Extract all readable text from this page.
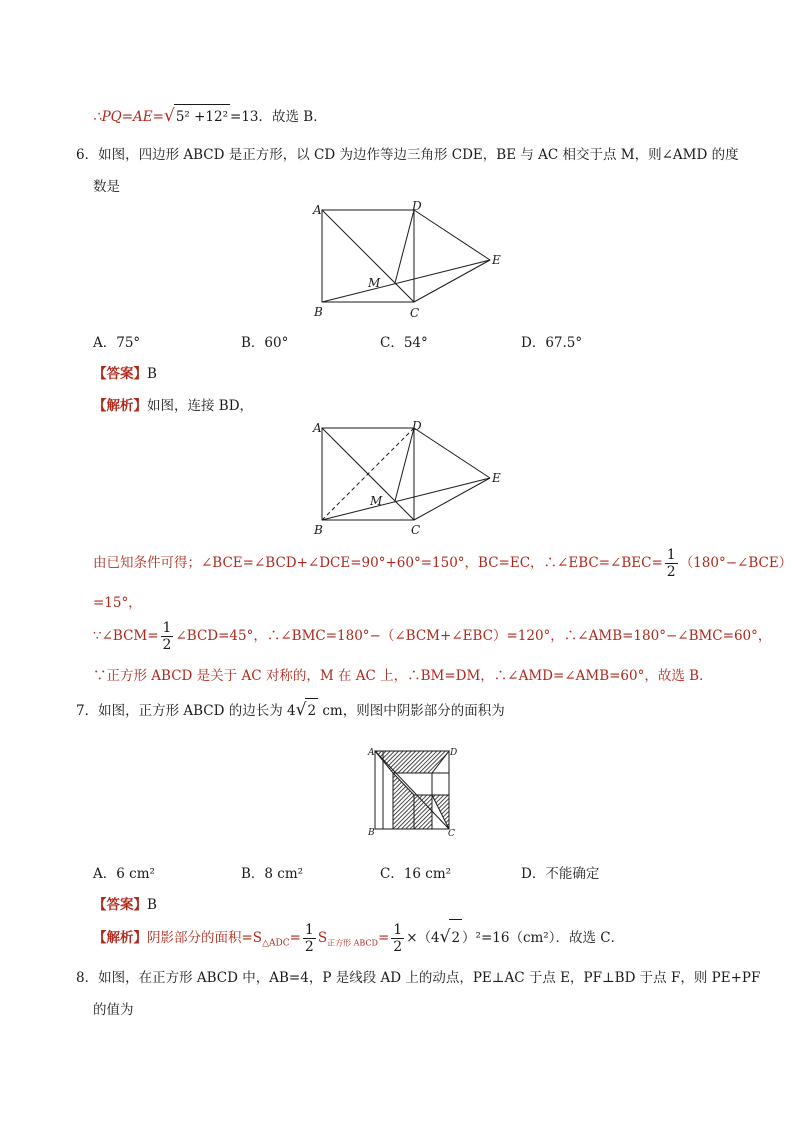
∴PQ=AE=√5² +12² =13．故选 B．
6．如图，四边形 ABCD 是正方形，以 CD 为边作等边三角形 CDE，BE 与 AC 相交于点 M，则∠AMD 的度
数是
A	D
E
B	C
M
A．75°	B．60°	C．54°	D．67.5°
【答案】B
【解析】如图，连接 BD，
A	D
E
B	C
M
由已知条件可得；∠BCE=∠BCD+∠DCE=90°+60°=150°，BC=EC，∴∠EBC=∠BEC= $\frac{1}{2}$ （180°−∠BCE）
=15°，
∵∠BCM= $\frac{1}{2}$ ∠BCD=45°，∴∠BMC=180°−（∠BCM+∠EBC）=120°，∴∠AMB=180°−∠BMC=60°，
∵正方形 ABCD 是关于 AC 对称的，M 在 AC 上，∴BM=DM，∴∠AMD=∠AMB=60°，故选 B．
7．如图，正方形 ABCD 的边长为 4√2 cm，则图中阴影部分的面积为
A	D
B	C
A．6 cm²	B．8 cm²	C．16 cm²	D．不能确定
【答案】B
【解析】阴影部分的面积$=S_{\triangle ADC}= \frac{1}{2} S_{正方形 ABCD}= \frac{1}{2} \times(4√2$ ）²=16（cm²）．故选 C．
8．如图，在正方形 ABCD 中，AB=4，P 是线段 AD 上的动点，PE⊥AC 于点 E，PF⊥BD 于点 F，则 PE+PF
的值为
